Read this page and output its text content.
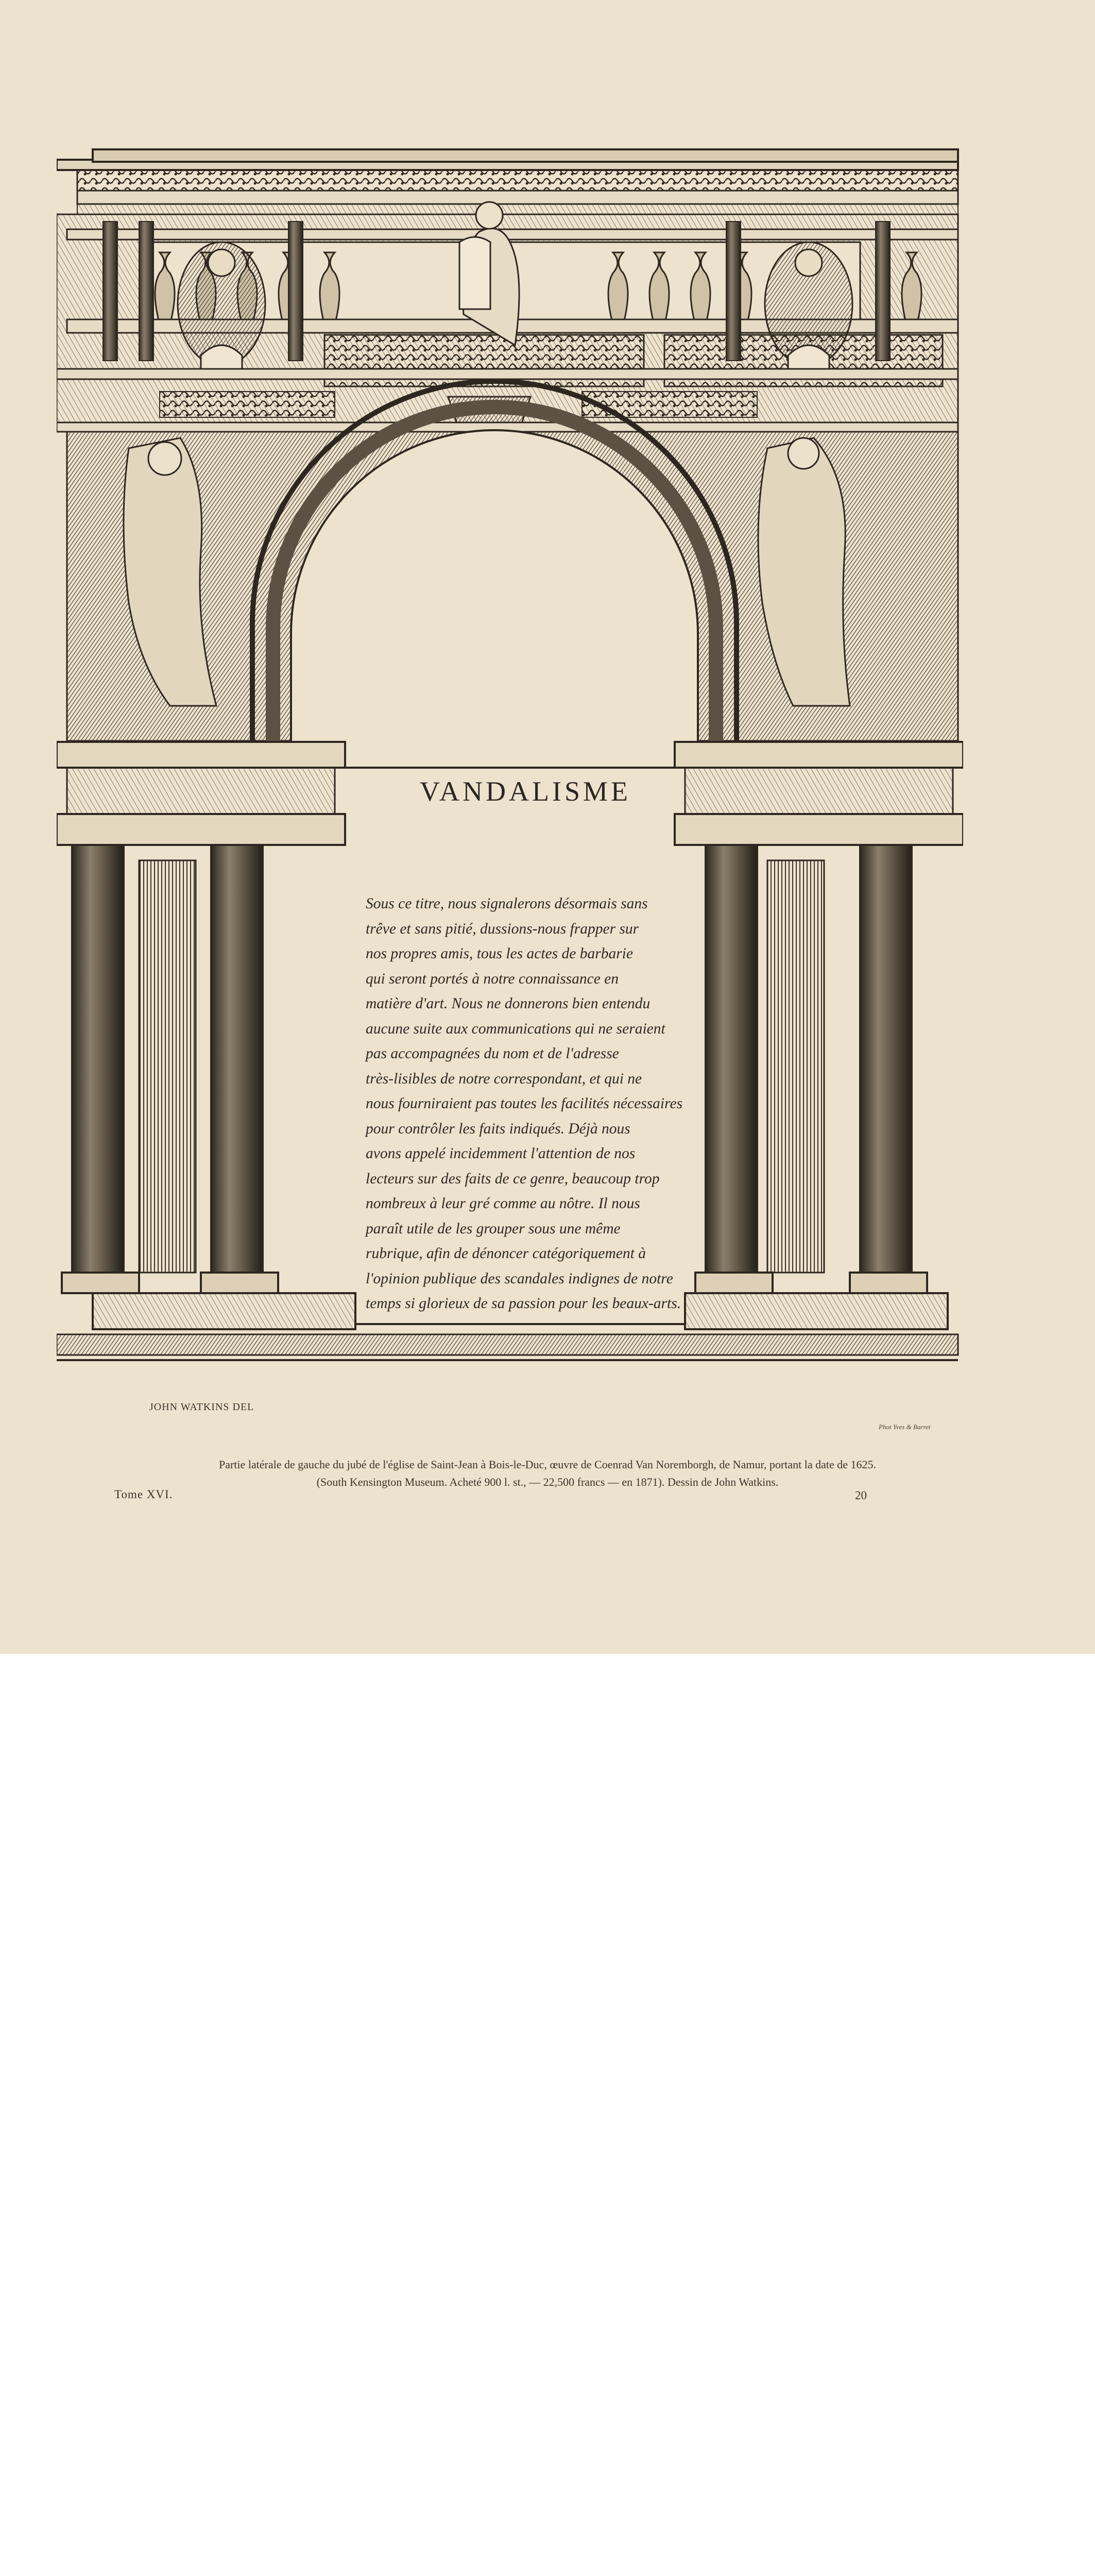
VANDALISME
Sous ce titre, nous signalerons désormais sans
trêve et sans pitié, dussions-nous frapper sur
nos propres amis, tous les actes de barbarie
qui seront portés à notre connaissance en
matière d'art. Nous ne donnerons bien entendu
aucune suite aux communications qui ne seraient
pas accompagnées du nom et de l'adresse
très-lisibles de notre correspondant, et qui ne
nous fourniraient pas toutes les facilités nécessaires
pour contrôler les faits indiqués. Déjà nous
avons appelé incidemment l'attention de nos
lecteurs sur des faits de ce genre, beaucoup trop
nombreux à leur gré comme au nôtre. Il nous
paraît utile de les grouper sous une même
rubrique, afin de dénoncer catégoriquement à
l'opinion publique des scandales indignes de notre
temps si glorieux de sa passion pour les beaux-arts.
JOHN WATKINS DEL
Phot Yves & Barret
Partie latérale de gauche du jubé de l'église de Saint-Jean à Bois-le-Duc, œuvre de Coenrad Van Noremborgh, de Namur, portant la date de 1625.
(South Kensington Museum. Acheté 900 l. st., — 22,500 francs — en 1871). Dessin de John Watkins.
Tome XVI.	20
